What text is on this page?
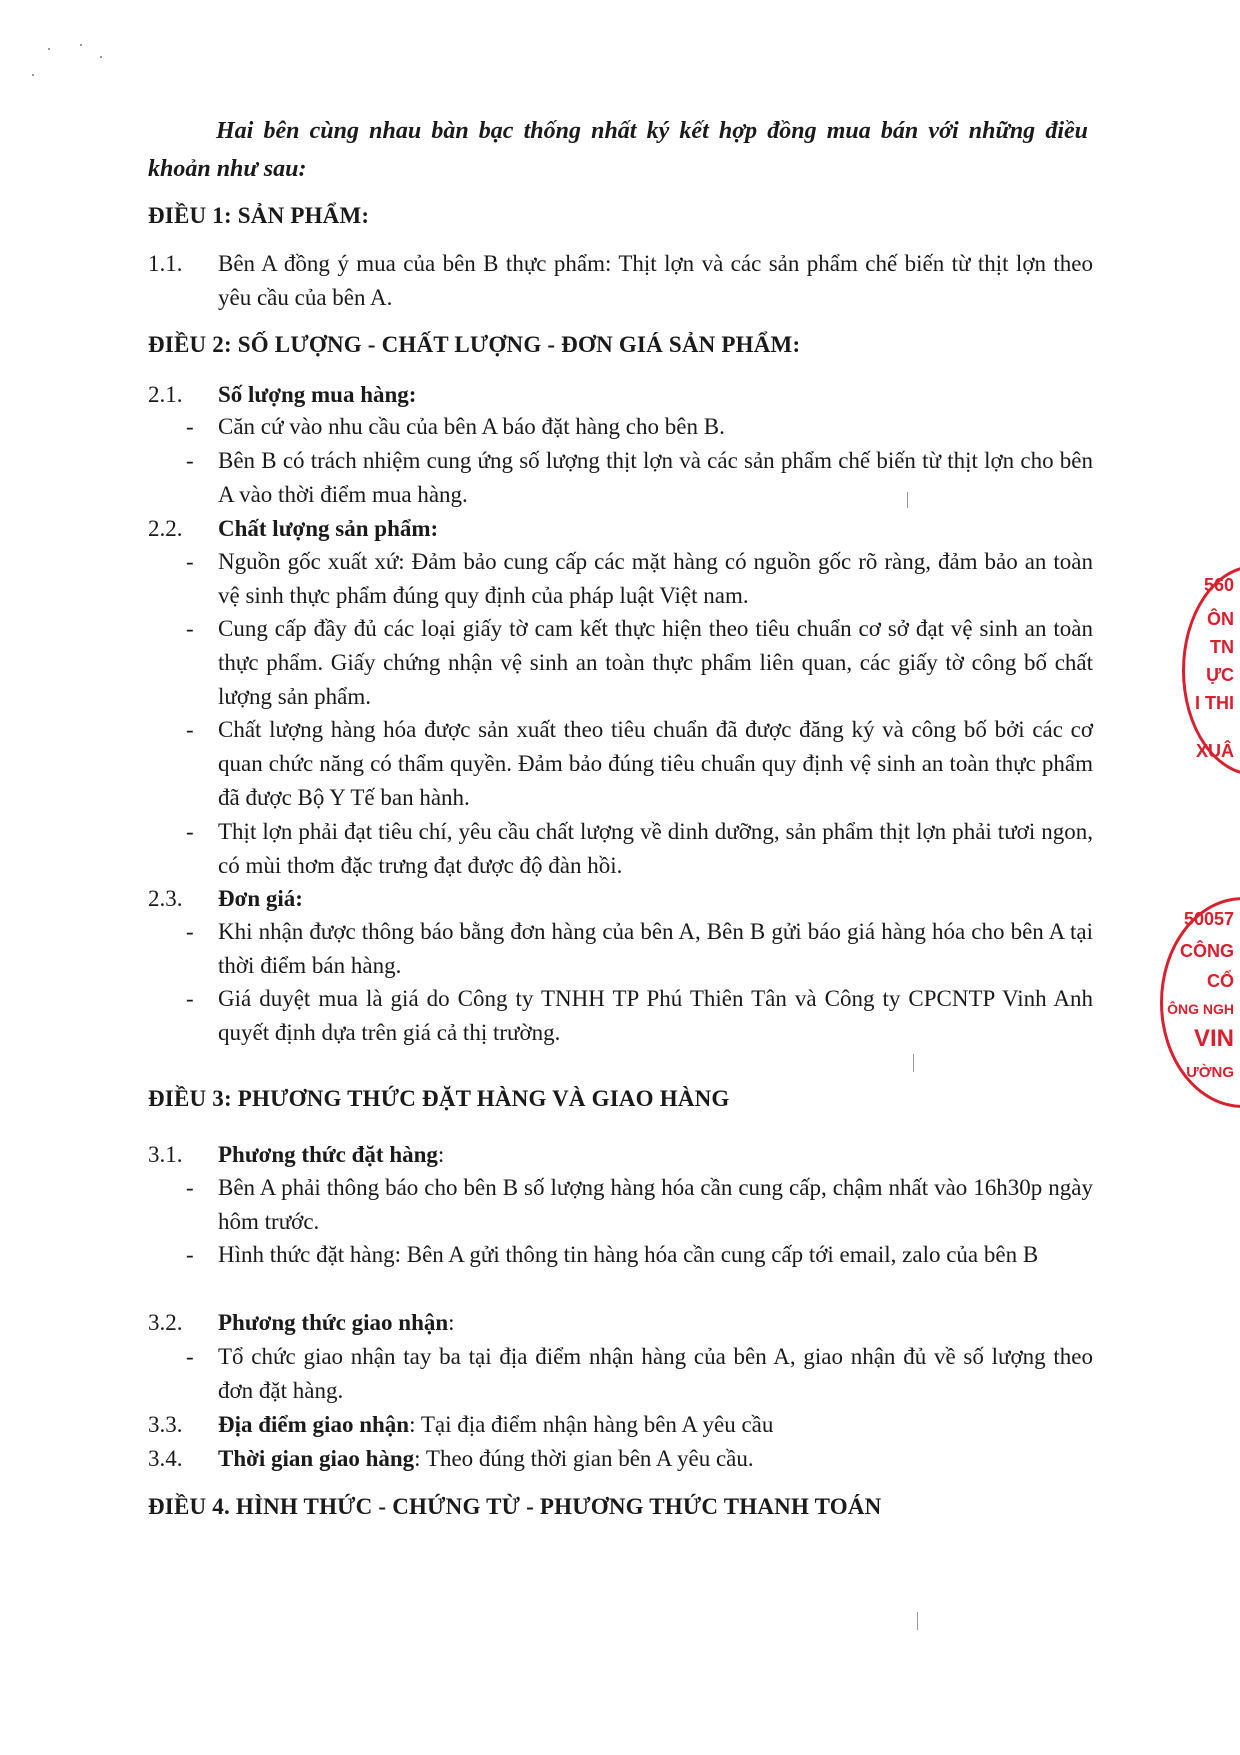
Hai bên cùng nhau bàn bạc thống nhất ký kết hợp đồng mua bán với những điều khoản như sau:

ĐIỀU 1: SẢN PHẨM:
1.1.	Bên A đồng ý mua của bên B thực phẩm: Thịt lợn và các sản phẩm chế biến từ thịt lợn theo yêu cầu của bên A.
ĐIỀU 2: SỐ LƯỢNG - CHẤT LƯỢNG - ĐƠN GIÁ SẢN PHẨM:
2.1.	Số lượng mua hàng:
-	Căn cứ vào nhu cầu của bên A báo đặt hàng cho bên B.
-	Bên B có trách nhiệm cung ứng số lượng thịt lợn và các sản phẩm chế biến từ thịt lợn cho bên A vào thời điểm mua hàng.
2.2.	Chất lượng sản phẩm:
-	Nguồn gốc xuất xứ: Đảm bảo cung cấp các mặt hàng có nguồn gốc rõ ràng, đảm bảo an toàn vệ sinh thực phẩm đúng quy định của pháp luật Việt nam.
-	Cung cấp đầy đủ các loại giấy tờ cam kết thực hiện theo tiêu chuẩn cơ sở đạt vệ sinh an toàn thực phẩm. Giấy chứng nhận vệ sinh an toàn thực phẩm liên quan, các giấy tờ công bố chất lượng sản phẩm.
-	Chất lượng hàng hóa được sản xuất theo tiêu chuẩn đã được đăng ký và công bố bởi các cơ quan chức năng có thẩm quyền. Đảm bảo đúng tiêu chuẩn quy định vệ sinh an toàn thực phẩm đã được Bộ Y Tế ban hành.
-	Thịt lợn phải đạt tiêu chí, yêu cầu chất lượng về dinh dưỡng, sản phẩm thịt lợn phải tươi ngon, có mùi thơm đặc trưng đạt được độ đàn hồi.
2.3.	Đơn giá:
-	Khi nhận được thông báo bằng đơn hàng của bên A, Bên B gửi báo giá hàng hóa cho bên A tại thời điểm bán hàng.
-	Giá duyệt mua là giá do Công ty TNHH TP Phú Thiên Tân và Công ty CPCNTP Vinh Anh quyết định dựa trên giá cả thị trường.
ĐIỀU 3: PHƯƠNG THỨC ĐẶT HÀNG VÀ GIAO HÀNG
3.1.	Phương thức đặt hàng:
-	Bên A phải thông báo cho bên B số lượng hàng hóa cần cung cấp, chậm nhất vào 16h30p ngày hôm trước.
-	Hình thức đặt hàng: Bên A gửi thông tin hàng hóa cần cung cấp tới email, zalo của bên B
3.2.	Phương thức giao nhận:
-	Tổ chức giao nhận tay ba tại địa điểm nhận hàng của bên A, giao nhận đủ về số lượng theo đơn đặt hàng.
3.3.	Địa điểm giao nhận: Tại địa điểm nhận hàng bên A yêu cầu
3.4.	Thời gian giao hàng: Theo đúng thời gian bên A yêu cầu.
ĐIỀU 4. HÌNH THỨC - CHỨNG TỪ - PHƯƠNG THỨC THANH TOÁN
560
ÔN
TN
ỰC
I THI
XUÂ
50057
CÔNG
CỔ
ÔNG NGH
VIN
ƯỜNG
